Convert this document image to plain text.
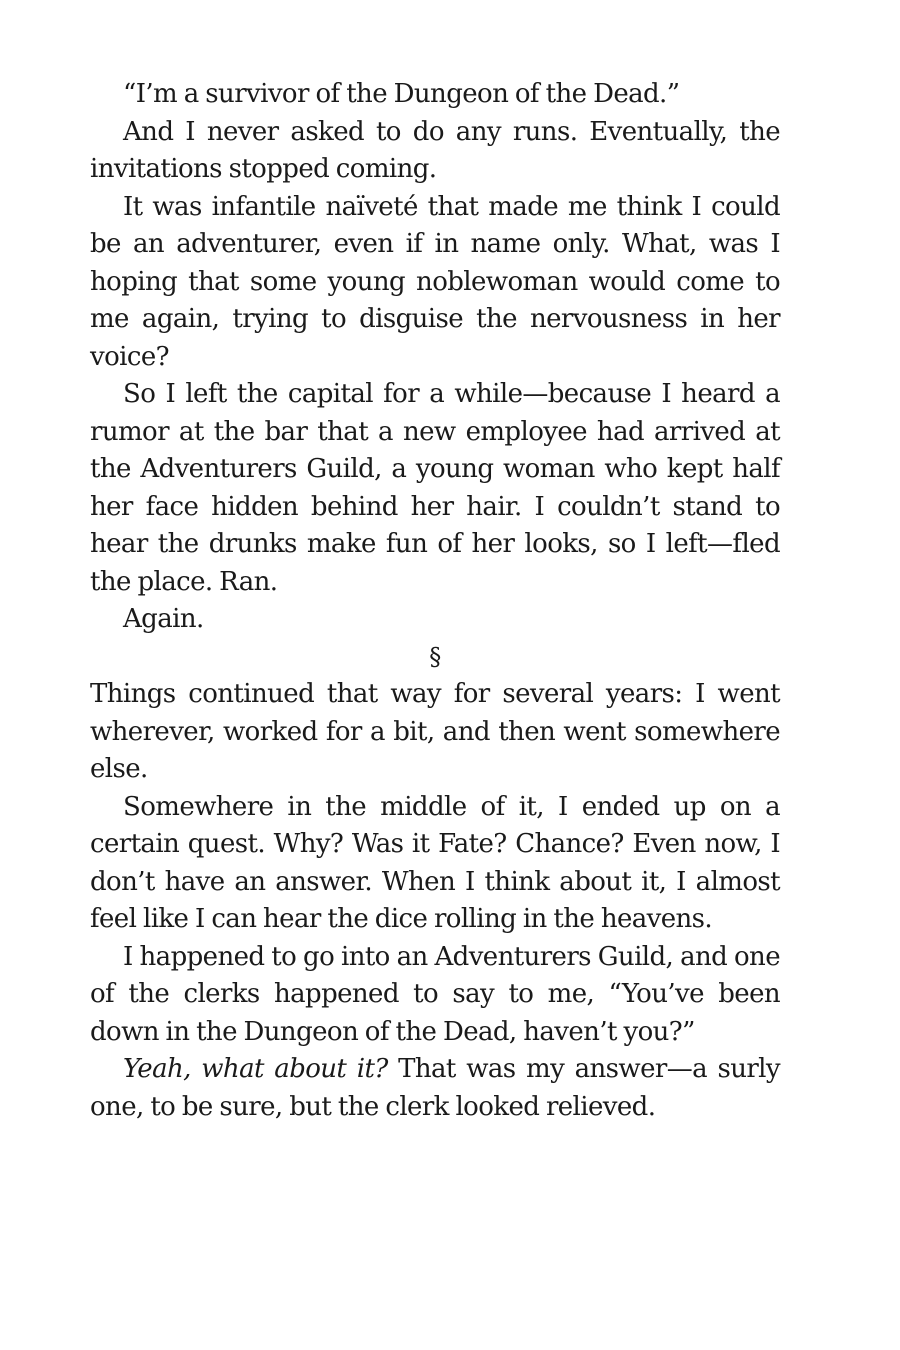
“I’m a survivor of the Dungeon of the Dead.”

And I never asked to do any runs. Eventually, the invitations stopped coming.

It was infantile naïveté that made me think I could be an adventurer, even if in name only. What, was I hoping that some young noblewoman would come to me again, trying to disguise the nervousness in her voice?

So I left the capital for a while—because I heard a rumor at the bar that a new employee had arrived at the Adventurers Guild, a young woman who kept half her face hidden behind her hair. I couldn’t stand to hear the drunks make fun of her looks, so I left—fled the place. Ran.

Again.

§

Things continued that way for several years: I went wherever, worked for a bit, and then went somewhere else.

Somewhere in the middle of it, I ended up on a certain quest. Why? Was it Fate? Chance? Even now, I don’t have an answer. When I think about it, I almost feel like I can hear the dice rolling in the heavens.

I happened to go into an Adventurers Guild, and one of the clerks happened to say to me, “You’ve been down in the Dungeon of the Dead, haven’t you?”

Yeah, what about it? That was my answer—a surly one, to be sure, but the clerk looked relieved.
